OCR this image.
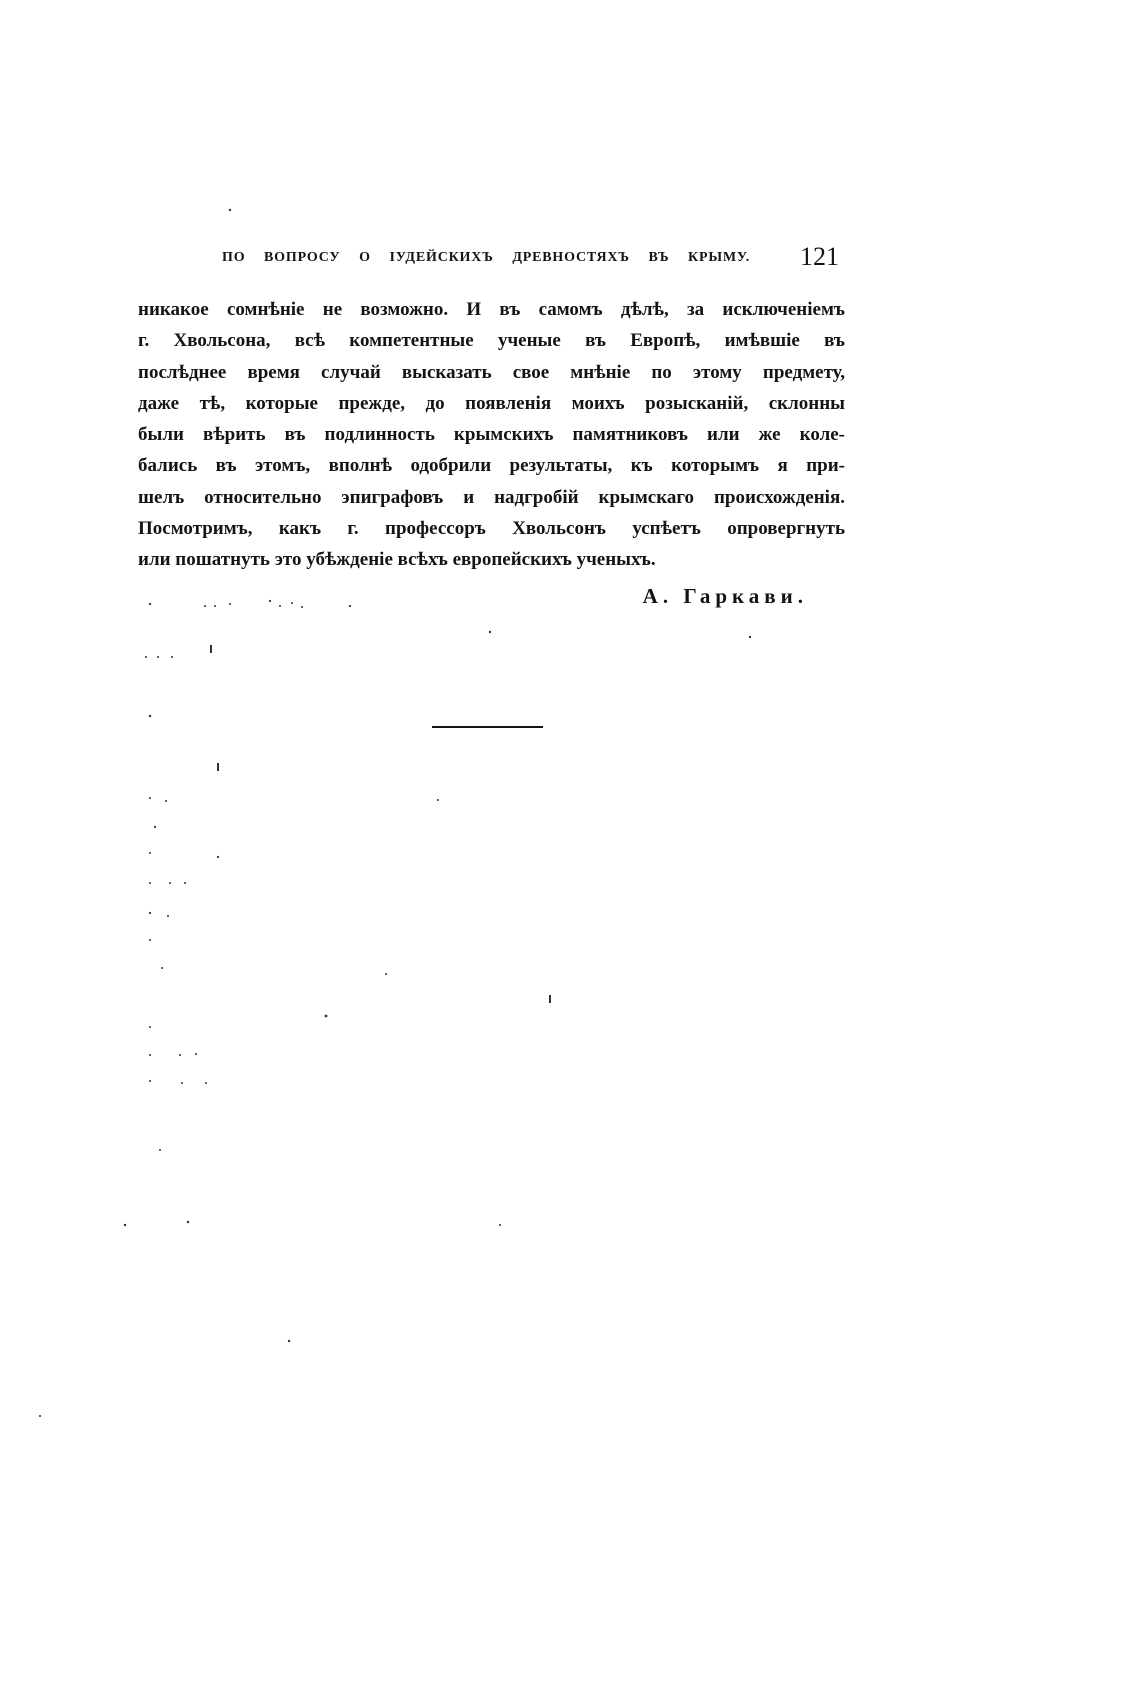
ПО ВОПРОСУ О ІУДЕЙСКИХЪ ДРЕВНОСТЯХЪ ВЪ КРЫМУ. 121
никакое сомнѣніе не возможно. И въ самомъ дѣлѣ, за исключеніемъ
г. Хвольсона, всѣ компетентные ученые въ Европѣ, имѣвшіе въ
послѣднее время случай высказать свое мнѣніе по этому предмету,
даже тѣ, которые прежде, до появленія моихъ розысканій, склонны
были вѣрить въ подлинность крымскихъ памятниковъ или же коле-
бались въ этомъ, вполнѣ одобрили результаты, къ которымъ я при-
шелъ относительно эпиграфовъ и надгробій крымскаго происхожденія.
Посмотримъ, какъ г. профессоръ Хвольсонъ успѣетъ опровергнуть
или пошатнуть это убѣжденіе всѣхъ европейскихъ ученыхъ.
А. Гаркави.
